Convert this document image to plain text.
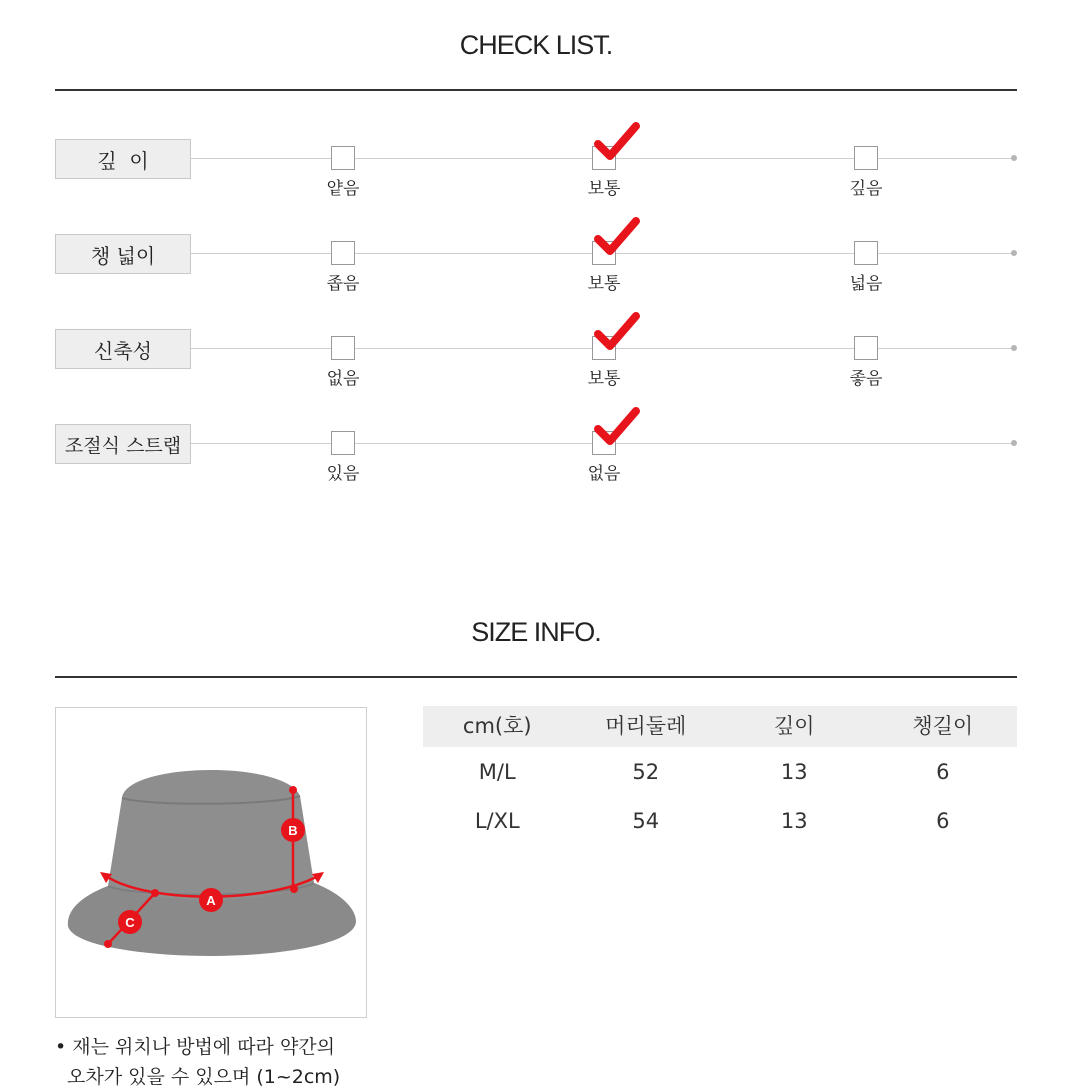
CHECK LIST.
깊  이
얕음	보통	깊음
챙 넓이
좁음	보통	넓음
신축성
없음	보통	좋음
조절식 스트랩
있음	없음
SIZE INFO.
A
B
C
cm(호)	머리둘레	깊이	챙길이
M/L	52	13	6
L/XL	54	13	6
• 재는 위치나 방법에 따라 약간의
오차가 있을 수 있으며 (1~2cm)
